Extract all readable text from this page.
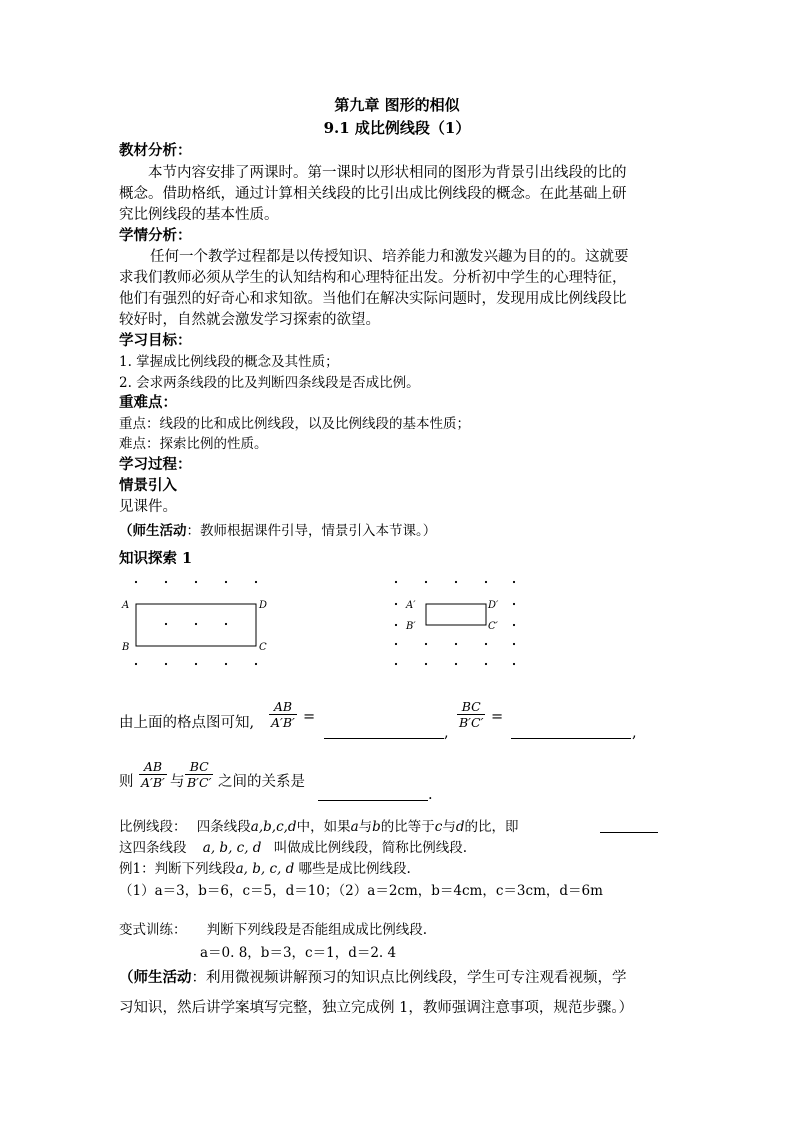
第九章 图形的相似
9.1 成比例线段（1）
教材分析：
本节内容安排了两课时。第一课时以形状相同的图形为背景引出线段的比的
概念。借助格纸，通过计算相关线段的比引出成比例线段的概念。在此基础上研
究比例线段的基本性质。
学情分析：
任何一个教学过程都是以传授知识、培养能力和激发兴趣为目的的。这就要
求我们教师必须从学生的认知结构和心理特征出发。分析初中学生的心理特征，
他们有强烈的好奇心和求知欲。当他们在解决实际问题时，发现用成比例线段比
较好时，自然就会激发学习探索的欲望。
学习目标：
1. 掌握成比例线段的概念及其性质；
2. 会求两条线段的比及判断四条线段是否成比例。
重难点：
重点：线段的比和成比例线段，以及比例线段的基本性质；
难点：探索比例的性质。
学习过程：
情景引入
见课件。
（师生活动：教师根据课件引导，情景引入本节课。）
知识探索 1
A	D
B	C
A′	D′
B′	C′
由上面的格点图可知, $\frac{AB}{A'B'}$ =
,
$\frac{BC}{B'C'}$ =
,
则 $\frac{AB}{A'B'}$ 与 $\frac{BC}{B'C'}$ 之间的关系是
.
比例线段： 四条线段a,b,c,d中，如果a与b的比等于c与d的比，即
这四条线段 a, b, c, d 叫做成比例线段，简称比例线段.
例1：判断下列线段a, b, c, d 哪些是成比例线段.
（1）a＝3，b＝6，c＝5，d＝10；（2）a＝2cm，b＝4cm，c＝3cm，d＝6m
变式训练： 判断下列线段是否能组成成比例线段.
a＝0. 8，b＝3，c＝1，d＝2. 4
（师生活动：利用微视频讲解预习的知识点比例线段，学生可专注观看视频，学
习知识，然后讲学案填写完整，独立完成例 1，教师强调注意事项，规范步骤。）
